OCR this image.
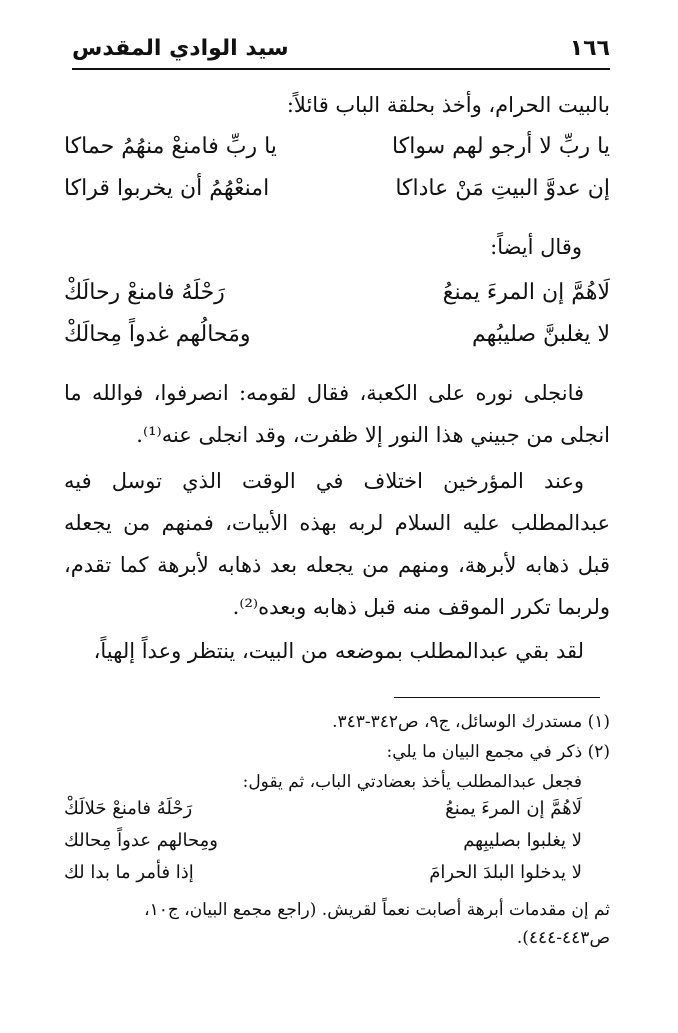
١٦٦
سيد الوادي المقدس
بالبيت الحرام، وأخذ بحلقة الباب قائلاً:
يا ربِّ لا أرجو لهم سواكا
يا ربِّ فامنعْ منهُمُ حماكا
إن عدوَّ البيتِ مَنْ عاداكا
امنعْهُمُ أن يخربوا قراكا
وقال أيضاً:
لَاهُمَّ إن المرءَ يمنعُ
رَحْلَهُ فامنعْ رحالَكْ
لا يغلبنَّ صليبُهم
ومَحالُهم غدواً مِحالَكْ
فانجلى نوره على الكعبة، فقال لقومه: انصرفوا، فوالله ما انجلى من جبيني هذا النور إلا ظفرت، وقد انجلى عنه⁽¹⁾.
وعند المؤرخين اختلاف في الوقت الذي توسل فيه عبدالمطلب عليه السلام لربه بهذه الأبيات، فمنهم من يجعله قبل ذهابه لأبرهة، ومنهم من يجعله بعد ذهابه لأبرهة كما تقدم، ولربما تكرر الموقف منه قبل ذهابه وبعده⁽²⁾.
لقد بقي عبدالمطلب بموضعه من البيت، ينتظر وعداً إلهياً،
(١) مستدرك الوسائل، ج٩، ص٣٤٢-٣٤٣.
(٢) ذكر في مجمع البيان ما يلي:
فجعل عبدالمطلب يأخذ بعضادتي الباب، ثم يقول:
لَاهُمَّ إن المرءَ يمنعُ
رَحْلَهُ فامنعْ حَلالَكْ
لا يغلبوا بصليبِهم
ومِحالهم عدواً مِحالك
لا يدخلوا البلدَ الحرامَ
إذا فأمر ما بدا لك
ثم إن مقدمات أبرهة أصابت نعماً لقريش. (راجع مجمع البيان، ج١٠، ص٤٤٣-٤٤٤).
